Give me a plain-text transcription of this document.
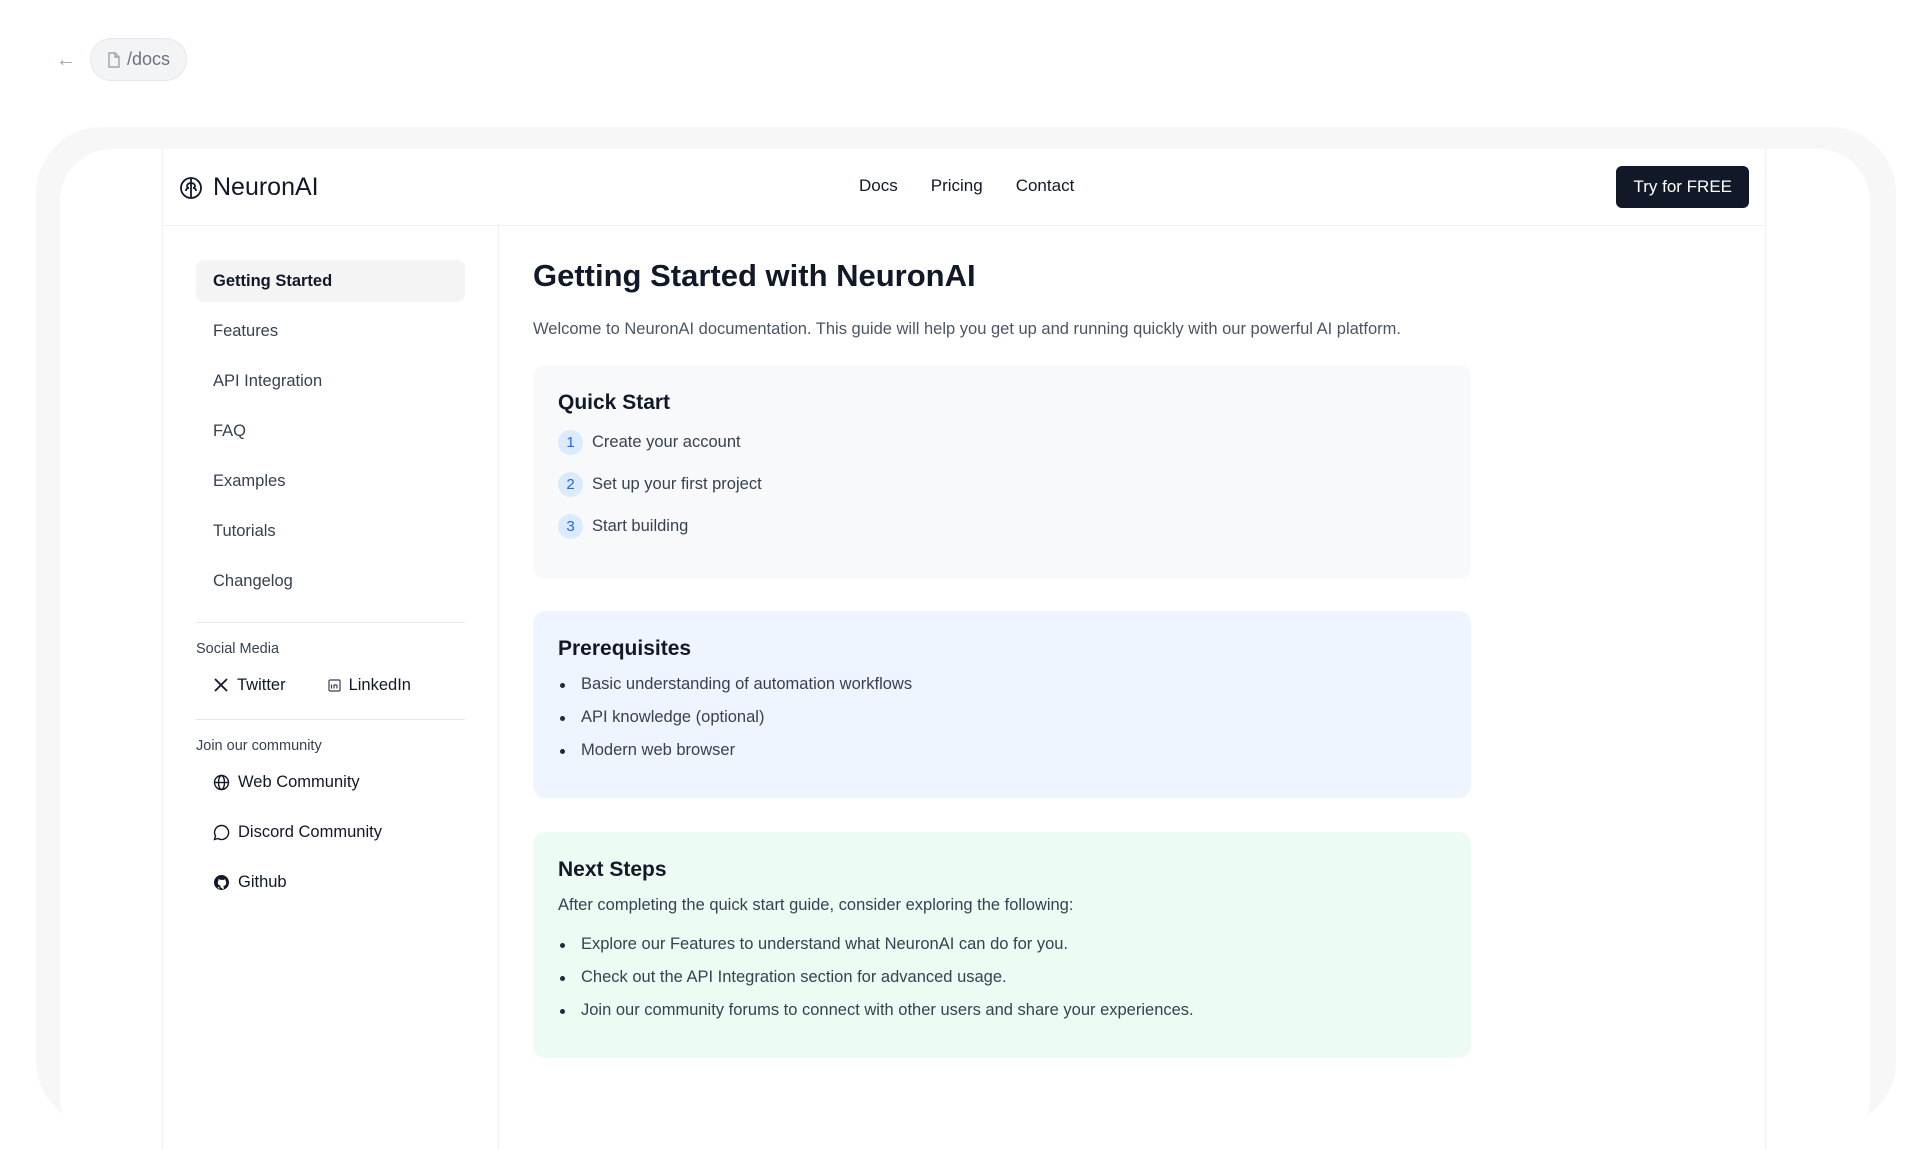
←	/docs
NeuronAI	Docs Pricing Contact	Try for FREE
Getting Started
Features
API Integration
FAQ
Examples
Tutorials
Changelog
Social Media
Twitter	LinkedIn
Join our community
Web Community
Discord Community
Github
Getting Started with NeuronAI

Welcome to NeuronAI documentation. This guide will help you get up and running quickly with our powerful AI platform.

Quick Start
1	Create your account
2	Set up your first project
3	Start building
Prerequisites
Basic understanding of automation workflows
API knowledge (optional)
Modern web browser
Next Steps

After completing the quick start guide, consider exploring the following:

Explore our Features to understand what NeuronAI can do for you.
Check out the API Integration section for advanced usage.
Join our community forums to connect with other users and share your experiences.
